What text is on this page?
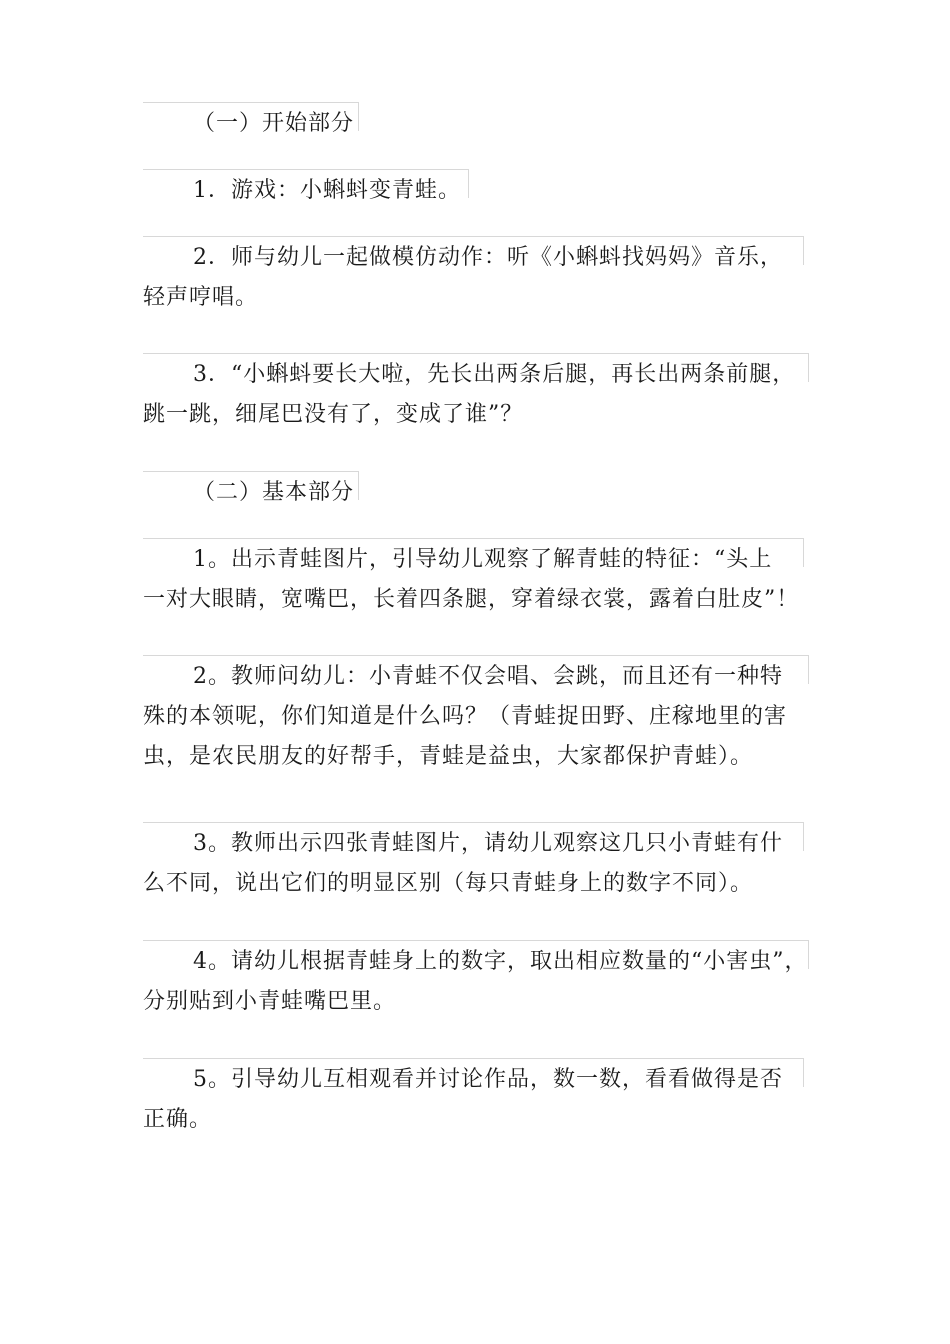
（一）开始部分
1．游戏：小蝌蚪变青蛙。
2．师与幼儿一起做模仿动作：听《小蝌蚪找妈妈》音乐，
轻声哼唱。
3．“小蝌蚪要长大啦，先长出两条后腿，再长出两条前腿，
跳一跳，细尾巴没有了，变成了谁”？
（二）基本部分
1。出示青蛙图片，引导幼儿观察了解青蛙的特征：“头上
一对大眼睛，宽嘴巴，长着四条腿，穿着绿衣裳，露着白肚皮”！
2。教师问幼儿：小青蛙不仅会唱、会跳，而且还有一种特
殊的本领呢，你们知道是什么吗？（青蛙捉田野、庄稼地里的害
虫，是农民朋友的好帮手，青蛙是益虫，大家都保护青蛙）。
3。教师出示四张青蛙图片，请幼儿观察这几只小青蛙有什
么不同，说出它们的明显区别（每只青蛙身上的数字不同）。
4。请幼儿根据青蛙身上的数字，取出相应数量的“小害虫”，
分别贴到小青蛙嘴巴里。
5。引导幼儿互相观看并讨论作品，数一数，看看做得是否
正确。
